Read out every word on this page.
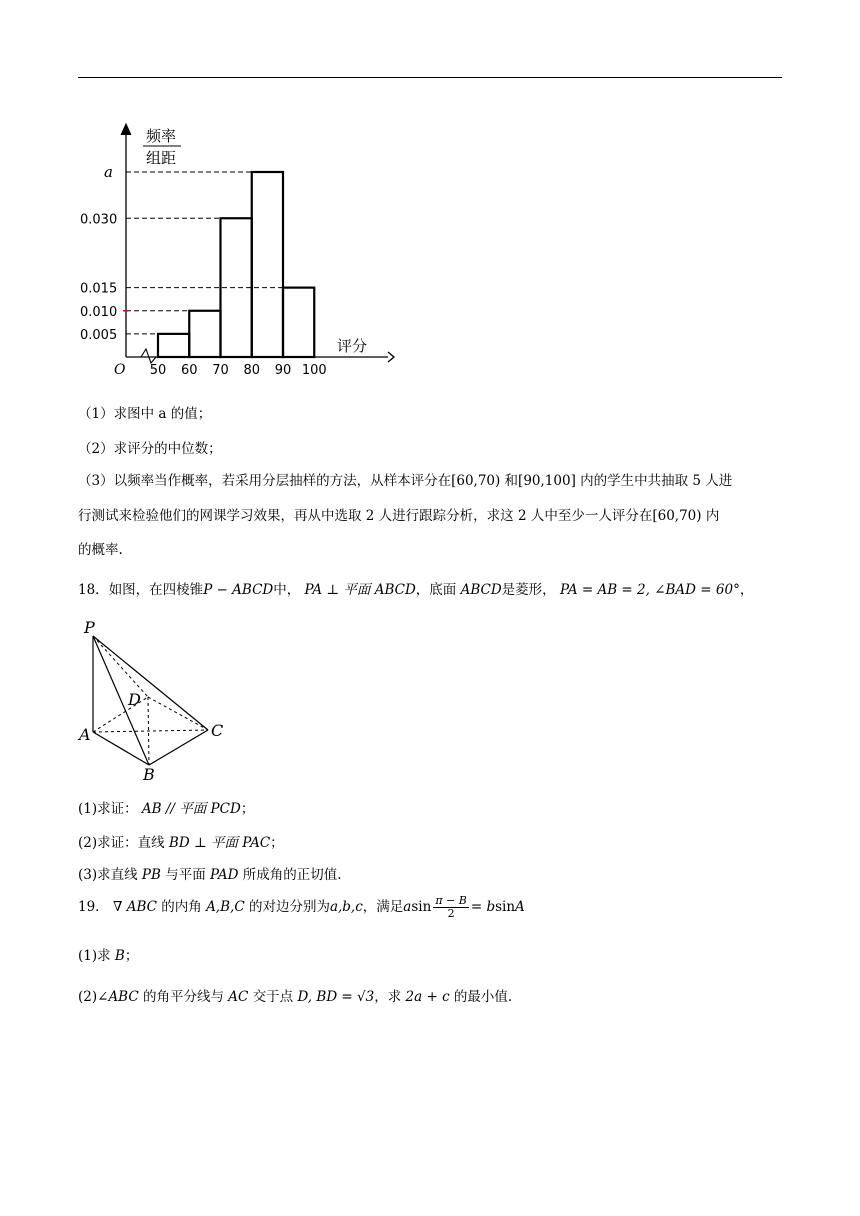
频率
组距
评分
O
a
0.030
0.015
0.010
0.005
50 60 70 80 90 100
（1）求图中 a 的值；
（2）求评分的中位数；
（3）以频率当作概率，若采用分层抽样的方法，从样本评分在[60,70) 和[90,100] 内的学生中共抽取 5 人进
行测试来检验他们的网课学习效果，再从中选取 2 人进行跟踪分析，求这 2 人中至少一人评分在[60,70) 内
的概率.
18．如图，在四棱锥P − ABCD中， PA ⊥ 平面 ABCD，底面 ABCD是菱形， PA = AB = 2, ∠BAD = 60°，
P
D
A	C
B
(1)求证： AB // 平面 PCD；
(2)求证：直线 BD ⊥ 平面 PAC；
(3)求直线 PB 与平面 PAD 所成角的正切值.
19． ∇ ABC 的内角 A,B,C 的对边分别为a,b,c，满足asin $\frac{\pi - B}{2} = bsinA$
(1)求 B；
(2)∠ABC 的角平分线与 AC 交于点 D, BD = √3，求 2a + c 的最小值.
